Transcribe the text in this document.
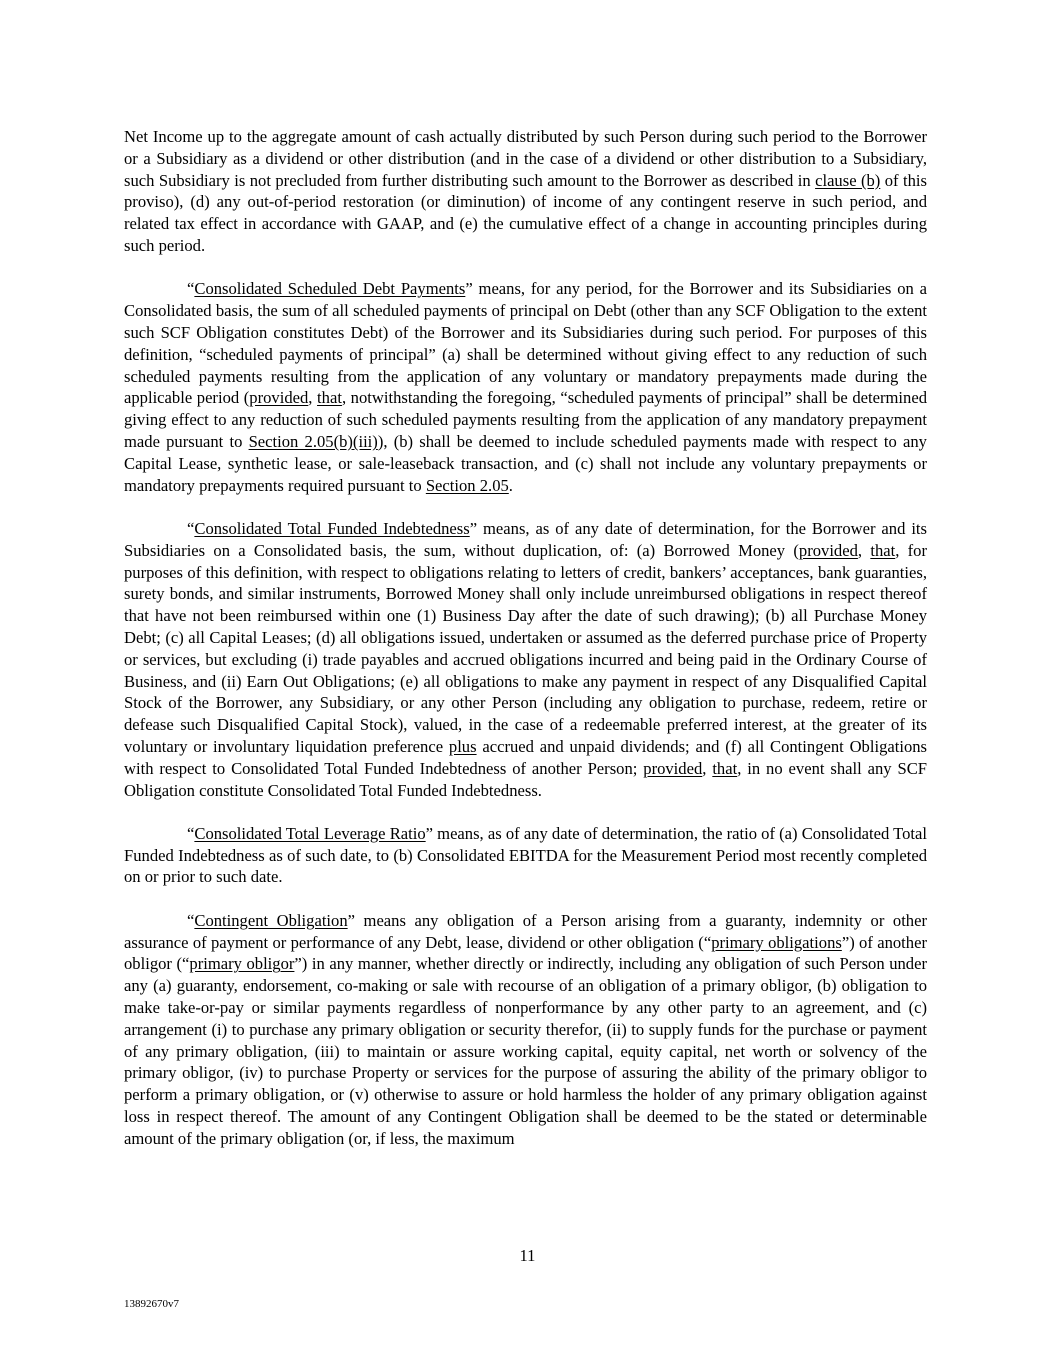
Net Income up to the aggregate amount of cash actually distributed by such Person during such period to the Borrower or a Subsidiary as a dividend or other distribution (and in the case of a dividend or other distribution to a Subsidiary, such Subsidiary is not precluded from further distributing such amount to the Borrower as described in clause (b) of this proviso), (d) any out-of-period restoration (or diminution) of income of any contingent reserve in such period, and related tax effect in accordance with GAAP, and (e) the cumulative effect of a change in accounting principles during such period.

“Consolidated Scheduled Debt Payments” means, for any period, for the Borrower and its Subsidiaries on a Consolidated basis, the sum of all scheduled payments of principal on Debt (other than any SCF Obligation to the extent such SCF Obligation constitutes Debt) of the Borrower and its Subsidiaries during such period. For purposes of this definition, “scheduled payments of principal” (a) shall be determined without giving effect to any reduction of such scheduled payments resulting from the application of any voluntary or mandatory prepayments made during the applicable period (provided, that, notwithstanding the foregoing, “scheduled payments of principal” shall be determined giving effect to any reduction of such scheduled payments resulting from the application of any mandatory prepayment made pursuant to Section 2.05(b)(iii)), (b) shall be deemed to include scheduled payments made with respect to any Capital Lease, synthetic lease, or sale-leaseback transaction, and (c) shall not include any voluntary prepayments or mandatory prepayments required pursuant to Section 2.05.

“Consolidated Total Funded Indebtedness” means, as of any date of determination, for the Borrower and its Subsidiaries on a Consolidated basis, the sum, without duplication, of: (a) Borrowed Money (provided, that, for purposes of this definition, with respect to obligations relating to letters of credit, bankers’ acceptances, bank guaranties, surety bonds, and similar instruments, Borrowed Money shall only include unreimbursed obligations in respect thereof that have not been reimbursed within one (1) Business Day after the date of such drawing); (b) all Purchase Money Debt; (c) all Capital Leases; (d) all obligations issued, undertaken or assumed as the deferred purchase price of Property or services, but excluding (i) trade payables and accrued obligations incurred and being paid in the Ordinary Course of Business, and (ii) Earn Out Obligations; (e) all obligations to make any payment in respect of any Disqualified Capital Stock of the Borrower, any Subsidiary, or any other Person (including any obligation to purchase, redeem, retire or defease such Disqualified Capital Stock), valued, in the case of a redeemable preferred interest, at the greater of its voluntary or involuntary liquidation preference plus accrued and unpaid dividends; and (f) all Contingent Obligations with respect to Consolidated Total Funded Indebtedness of another Person; provided, that, in no event shall any SCF Obligation constitute Consolidated Total Funded Indebtedness.

“Consolidated Total Leverage Ratio” means, as of any date of determination, the ratio of (a) Consolidated Total Funded Indebtedness as of such date, to (b) Consolidated EBITDA for the Measurement Period most recently completed on or prior to such date.

“Contingent Obligation” means any obligation of a Person arising from a guaranty, indemnity or other assurance of payment or performance of any Debt, lease, dividend or other obligation (“primary obligations”) of another obligor (“primary obligor”) in any manner, whether directly or indirectly, including any obligation of such Person under any (a) guaranty, endorsement, co-making or sale with recourse of an obligation of a primary obligor, (b) obligation to make take-or-pay or similar payments regardless of nonperformance by any other party to an agreement, and (c) arrangement (i) to purchase any primary obligation or security therefor, (ii) to supply funds for the purchase or payment of any primary obligation, (iii) to maintain or assure working capital, equity capital, net worth or solvency of the primary obligor, (iv) to purchase Property or services for the purpose of assuring the ability of the primary obligor to perform a primary obligation, or (v) otherwise to assure or hold harmless the holder of any primary obligation against loss in respect thereof. The amount of any Contingent Obligation shall be deemed to be the stated or determinable amount of the primary obligation (or, if less, the maximum

11
13892670v7
